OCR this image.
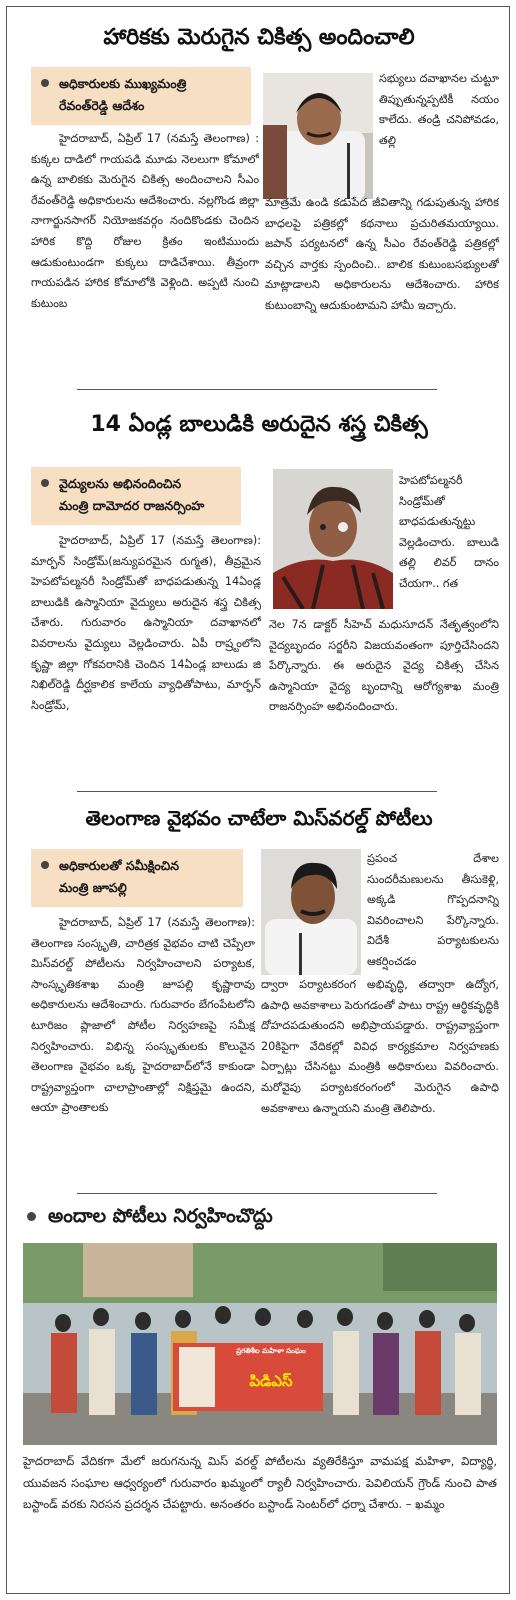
హారికకు మెరుగైన చికిత్స అందించాలి
అధికారులకు ముఖ్యమంత్రి
రేవంత్‌రెడ్డి ఆదేశం
హైదరాబాద్, ఏప్రిల్ 17 (నమస్తే తెలంగాణ) : కుక్కల దాడిలో గాయపడి మూడు నెలలుగా కోమాలో ఉన్న బాలికకు మెరుగైన చికిత్స అందించాలని సీఎం రేవంత్‌రెడ్డి అధికారులను ఆదేశించారు. నల్లగొండ జిల్లా నాగార్జునసాగర్ నియోజకవర్గం నందికొండకు చెందిన హారిక కొద్ది రోజుల క్రితం ఇంటిముందు ఆడుకుంటుండగా కుక్కలు దాడిచేశాయి. తీవ్రంగా గాయపడిన హారిక కోమాలోకి వెళ్లింది. అప్పటి నుంచి కుటుంబ
సభ్యులు దవాఖానల చుట్టూ తిప్పుతున్నప్పటికీ నయం కాలేదు. తండ్రి చనిపోవడం, తల్లి
మాత్రమే ఉండి కడుపేద జీవితాన్ని గడుపుతున్న హారిక బాధలపై పత్రికల్లో కథనాలు ప్రచురితమయ్యాయి. జపాన్ పర్యటనలో ఉన్న సీఎం రేవంత్‌రెడ్డి పత్రికల్లో వచ్చిన వార్తకు స్పందించి.. బాలిక కుటుంబసభ్యులతో మాట్లాడాలని అధికారులను ఆదేశించారు. హారిక కుటుంబాన్ని ఆదుకుంటామని హామీ ఇచ్చారు.
14 ఏండ్ల బాలుడికి అరుదైన శస్త్ర చికిత్స
వైద్యులను అభినందించిన
మంత్రి దామోదర రాజనర్సింహ
హైదరాబాద్, ఏప్రిల్ 17 (నమస్తే తెలంగాణ): మార్ఫన్ సిండ్రోమ్(జన్యుపరమైన రుగ్మత), తీవ్రమైన హెపటోపల్మనరీ సిండ్రోమ్‌తో బాధపడుతున్న 14ఏండ్ల బాలుడికి ఉస్మానియా వైద్యులు అరుదైన శస్త్ర చికిత్స చేశారు. గురువారం ఉస్మానియా దవాఖానలో వివరాలను వైద్యులు వెల్లడించారు. ఏపీ రాష్ర్టంలోని కృష్ణా జిల్లా గోకవరానికి చెందిన 14ఏండ్ల బాలుడు జి నిఖిల్‌రెడ్డి దీర్ఘకాలిక కాలేయ వ్యాధితోపాటు, మార్ఫన్ సిండ్రోమ్,
హెపటోపల్మనరీ సిండ్రోమ్‌తో బాధపడుతున్నట్టు వెల్లడించారు. బాలుడి తల్లి లివర్ దానం చేయగా.. గత
నెల 7న డాక్టర్ సీహెచ్ మధుసూదన్ నేతృత్వంలోని వైద్యబృందం సర్జరీని విజయవంతంగా పూర్తిచేసిందని పేర్కొన్నారు. ఈ అరుదైన వైద్య చికిత్స చేసిన ఉస్మానియా వైద్య బృందాన్ని ఆరోగ్యశాఖ మంత్రి రాజనర్సింహ అభినందించారు.
తెలంగాణ వైభవం చాటేలా మిస్‌వరల్డ్ పోటీలు
అధికారులతో సమీక్షించిన
మంత్రి జూపల్లి
హైదరాబాద్, ఏప్రిల్ 17 (నమస్తే తెలంగాణ): తెలంగాణ సంస్కృతి, చారిత్రక వైభవం చాటి చెప్పేలా మిస్‌వరల్డ్ పోటీలను నిర్వహించాలని పర్యాటక, సాంస్కృతికశాఖ మంత్రి జూపల్లి కృష్ణారావు అధికారులను ఆదేశించారు. గురువారం బేగంపేటలోని టూరిజం ప్లాజాలో పోటీల నిర్వహణపై సమీక్ష నిర్వహించారు. విభిన్న సంస్కృతులకు కొలువైన తెలంగాణ వైభవం ఒక్క హైదరాబాద్‌లోనే కాకుండా రాష్ట్రవ్యాప్తంగా చాలాప్రాంతాల్లో నిక్షిప్తమై ఉందని, ఆయా ప్రాంతాలకు
ప్రపంచ దేశాల సుందరీమణులను తీసుకెళ్లి, అక్కడి గొప్పదనాన్ని వివరించాలని పేర్కొన్నారు. విదేశీ పర్యాటకులను ఆకర్షించడం
ద్వారా పర్యాటకరంగ అభివృద్ధి, తద్వారా ఉద్యోగ, ఉపాధి అవకాశాలు పెరుగడంతో పాటు రాష్ట్ర ఆర్థికవృద్ధికి దోహదపడుతుందని అభిప్రాయపడ్డారు. రాష్ట్రవ్యాప్తంగా 20కిపైగా వేదికల్లో వివిధ కార్యక్రమాల నిర్వహణకు ఏర్పాట్లు చేసినట్టు మంత్రికి అధికారులు వివరించారు. మరోవైపు పర్యాటకరంగంలో మెరుగైన ఉపాధి అవకాశాలు ఉన్నాయని మంత్రి తెలిపారు.
అందాల పోటీలు నిర్వహించొద్దు
ప్రగతిశీల మహిళా సంఘం
పిడిఎస్
హైదరాబాద్ వేదికగా మేలో జరుగనున్న మిస్ వరల్డ్ పోటీలను వ్యతిరేకిస్తూ వామపక్ష మహిళా, విద్యార్థి, యువజన సంఘాల ఆధ్వర్యంలో గురువారం ఖమ్మంలో ర్యాలీ నిర్వహించారు. పెవిలియన్ గ్రౌండ్ నుంచి పాత బస్టాండ్ వరకు నిరసన ప్రదర్శన చేపట్టారు. అనంతరం బస్టాండ్ సెంటర్‌లో ధర్నా చేశారు. – ఖమ్మం
